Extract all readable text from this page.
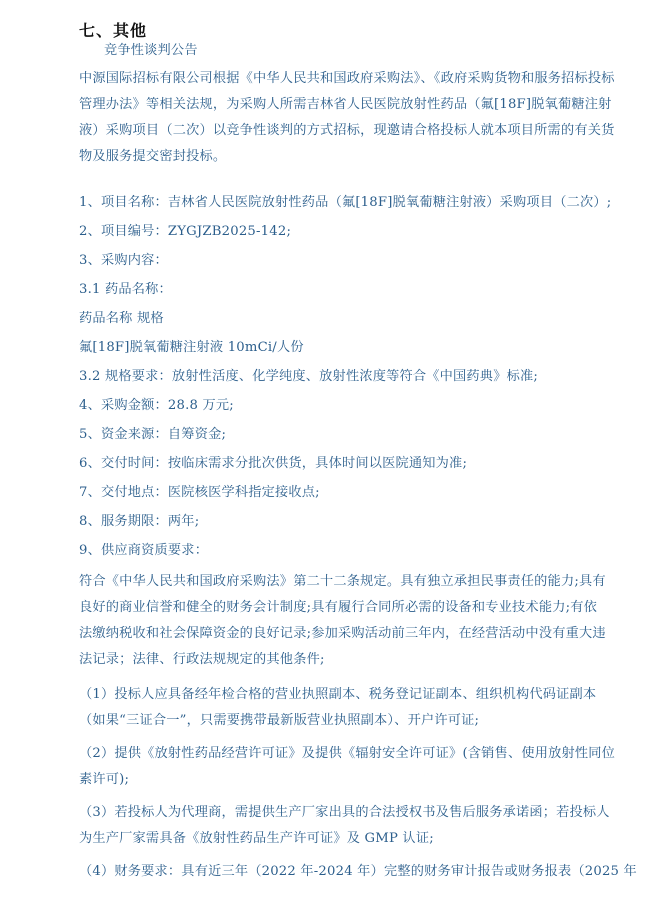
七、其他
竞争性谈判公告
中源国际招标有限公司根据《中华人民共和国政府采购法》、《政府采购货物和服务招标投标
管理办法》等相关法规，为采购人所需吉林省人民医院放射性药品（氟[18F]脱氧葡糖注射
液）采购项目（二次）以竞争性谈判的方式招标，现邀请合格投标人就本项目所需的有关货
物及服务提交密封投标。
1、项目名称：吉林省人民医院放射性药品（氟[18F]脱氧葡糖注射液）采购项目（二次）;
2、项目编号：ZYGJZB2025-142;
3、采购内容：
3.1 药品名称：
药品名称 规格
氟[18F]脱氧葡糖注射液 10mCi/人份
3.2 规格要求：放射性活度、化学纯度、放射性浓度等符合《中国药典》标准;
4、采购金额：28.8 万元;
5、资金来源：自筹资金;
6、交付时间：按临床需求分批次供货，具体时间以医院通知为准;
7、交付地点：医院核医学科指定接收点;
8、服务期限：两年;
9、供应商资质要求：
符合《中华人民共和国政府采购法》第二十二条规定。具有独立承担民事责任的能力;具有
良好的商业信誉和健全的财务会计制度;具有履行合同所必需的设备和专业技术能力;有依
法缴纳税收和社会保障资金的良好记录;参加采购活动前三年内，在经营活动中没有重大违
法记录；法律、行政法规规定的其他条件;
（1）投标人应具备经年检合格的营业执照副本、税务登记证副本、组织机构代码证副本
（如果“三证合一”，只需要携带最新版营业执照副本）、开户许可证;
（2）提供《放射性药品经营许可证》及提供《辐射安全许可证》(含销售、使用放射性同位
素许可);
（3）若投标人为代理商，需提供生产厂家出具的合法授权书及售后服务承诺函；若投标人
为生产厂家需具备《放射性药品生产许可证》及 GMP 认证;
（4）财务要求：具有近三年（2022 年-2024 年）完整的财务审计报告或财务报表（2025 年
